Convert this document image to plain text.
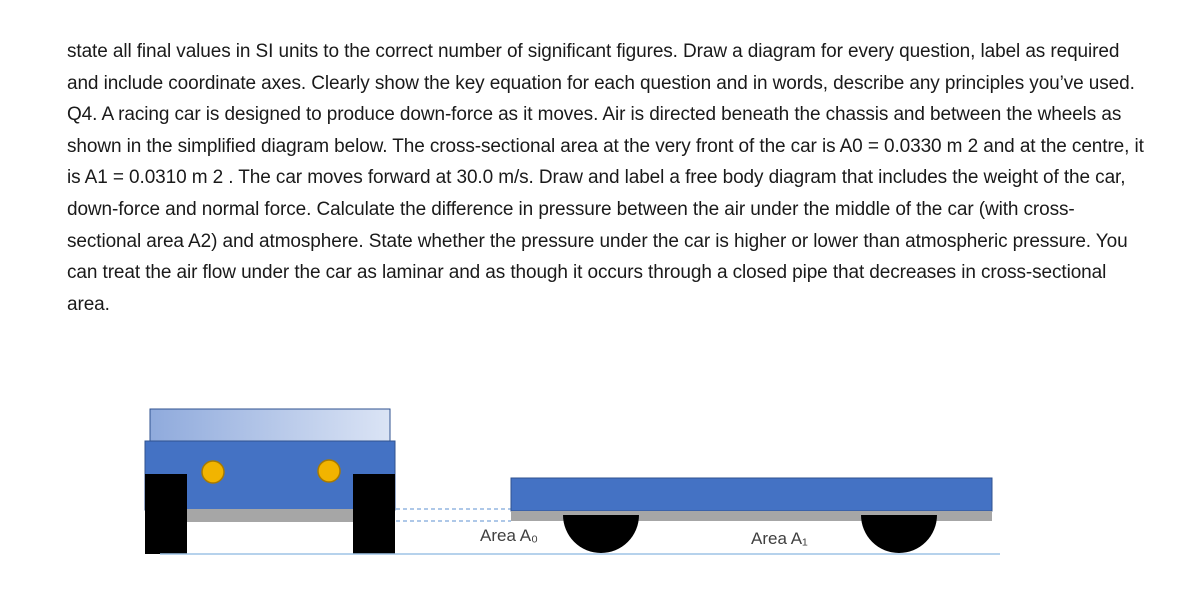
state all final values in SI units to the correct number of significant figures. Draw a diagram for every question, label as required and include coordinate axes. Clearly show the key equation for each question and in words, describe any principles you’ve used. Q4. A racing car is designed to produce down-force as it moves. Air is directed beneath the chassis and between the wheels as shown in the simplified diagram below. The cross-sectional area at the very front of the car is A0 = 0.0330 m 2 and at the centre, it is A1 = 0.0310 m 2 . The car moves forward at 30.0 m/s. Draw and label a free body diagram that includes the weight of the car, down-force and normal force. Calculate the difference in pressure between the air under the middle of the car (with cross-sectional area A2) and atmosphere. State whether the pressure under the car is higher or lower than atmospheric pressure. You can treat the air flow under the car as laminar and as though it occurs through a closed pipe that decreases in cross-sectional area.

Area A₀	Area A₁
